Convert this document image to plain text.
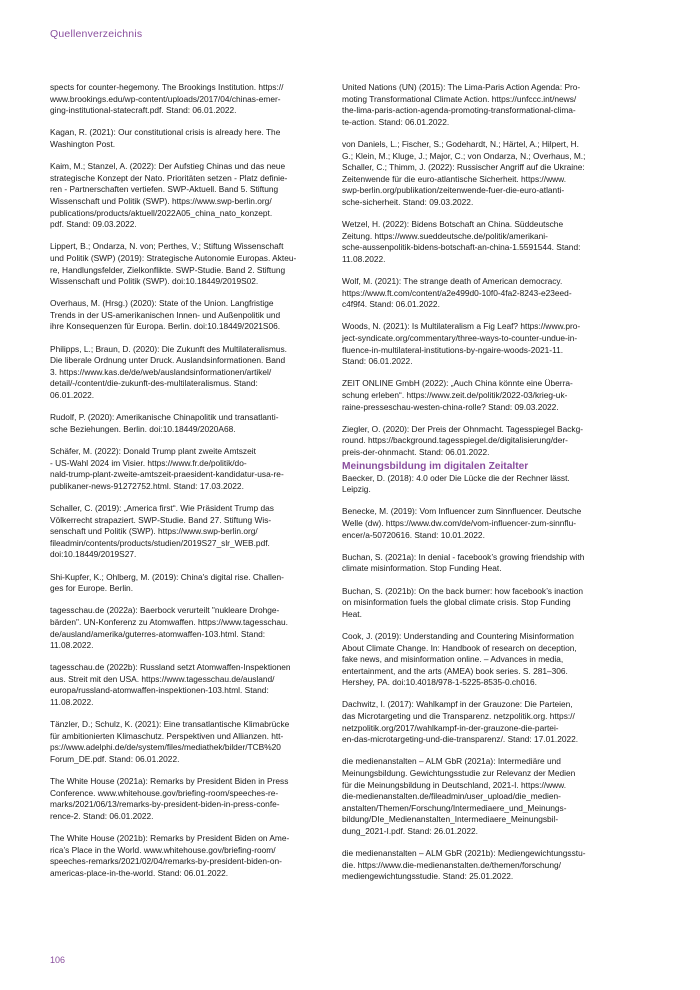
Quellenverzeichnis

spects for counter-hegemony. The Brookings Institution. https://
www.brookings.edu/wp-content/uploads/2017/04/chinas-emer-
ging-institutional-statecraft.pdf. Stand: 06.01.2022.

Kagan, R. (2021): Our constitutional crisis is already here. The
Washington Post.

Kaim, M.; Stanzel, A. (2022): Der Aufstieg Chinas und das neue
strategische Konzept der Nato. Prioritäten setzen - Platz definie-
ren - Partnerschaften vertiefen. SWP-Aktuell. Band 5. Stiftung
Wissenschaft und Politik (SWP). https://www.swp-berlin.org/
publications/products/aktuell/2022A05_china_nato_konzept.
pdf. Stand: 09.03.2022.

Lippert, B.; Ondarza, N. von; Perthes, V.; Stiftung Wissenschaft
und Politik (SWP) (2019): Strategische Autonomie Europas. Akteu-
re, Handlungsfelder, Zielkonflikte. SWP-Studie. Band 2. Stiftung
Wissenschaft und Politik (SWP). doi:10.18449/2019S02.

Overhaus, M. (Hrsg.) (2020): State of the Union. Langfristige
Trends in der US-amerikanischen Innen- und Außenpolitik und
ihre Konsequenzen für Europa. Berlin. doi:10.18449/2021S06.

Philipps, L.; Braun, D. (2020): Die Zukunft des Multilateralismus.
Die liberale Ordnung unter Druck. Auslandsinformationen. Band
3. https://www.kas.de/de/web/auslandsinformationen/artikel/
detail/-/content/die-zukunft-des-multilateralismus. Stand:
06.01.2022.

Rudolf, P. (2020): Amerikanische Chinapolitik und transatlanti-
sche Beziehungen. Berlin. doi:10.18449/2020A68.

Schäfer, M. (2022): Donald Trump plant zweite Amtszeit
- US-Wahl 2024 im Visier. https://www.fr.de/politik/do-
nald-trump-plant-zweite-amtszeit-praesident-kandidatur-usa-re-
publikaner-news-91272752.html. Stand: 17.03.2022.

Schaller, C. (2019): „America first“. Wie Präsident Trump das
Völkerrecht strapaziert. SWP-Studie. Band 27. Stiftung Wis-
senschaft und Politik (SWP). https://www.swp-berlin.org/
fileadmin/contents/products/studien/2019S27_slr_WEB.pdf.
doi:10.18449/2019S27.

Shi-Kupfer, K.; Ohlberg, M. (2019): China's digital rise. Challen-
ges for Europe. Berlin.

tagesschau.de (2022a): Baerbock verurteilt "nukleare Drohge-
bärden". UN-Konferenz zu Atomwaffen. https://www.tagesschau.
de/ausland/amerika/guterres-atomwaffen-103.html. Stand:
11.08.2022.

tagesschau.de (2022b): Russland setzt Atomwaffen-Inspektionen
aus. Streit mit den USA. https://www.tagesschau.de/ausland/
europa/russland-atomwaffen-inspektionen-103.html. Stand:
11.08.2022.

Tänzler, D.; Schulz, K. (2021): Eine transatlantische Klimabrücke
für ambitionierten Klimaschutz. Perspektiven und Allianzen. htt-
ps://www.adelphi.de/de/system/files/mediathek/bilder/TCB%20
Forum_DE.pdf. Stand: 06.01.2022.

The White House (2021a): Remarks by President Biden in Press
Conference. www.whitehouse.gov/briefing-room/speeches-re-
marks/2021/06/13/remarks-by-president-biden-in-press-confe-
rence-2. Stand: 06.01.2022.

The White House (2021b): Remarks by President Biden on Ame-
rica’s Place in the World. www.whitehouse.gov/briefing-room/
speeches-remarks/2021/02/04/remarks-by-president-biden-on-
americas-place-in-the-world. Stand: 06.01.2022.

United Nations (UN) (2015): The Lima-Paris Action Agenda: Pro-
moting Transformational Climate Action. https://unfccc.int/news/
the-lima-paris-action-agenda-promoting-transformational-clima-
te-action. Stand: 06.01.2022.

von Daniels, L.; Fischer, S.; Godehardt, N.; Härtel, A.; Hilpert, H.
G.; Klein, M.; Kluge, J.; Major, C.; von Ondarza, N.; Overhaus, M.;
Schaller, C.; Thimm, J. (2022): Russischer Angriff auf die Ukraine:
Zeitenwende für die euro-atlantische Sicherheit. https://www.
swp-berlin.org/publikation/zeitenwende-fuer-die-euro-atlanti-
sche-sicherheit. Stand: 09.03.2022.

Wetzel, H. (2022): Bidens Botschaft an China. Süddeutsche
Zeitung. https://www.sueddeutsche.de/politik/amerikani-
sche-aussenpolitik-bidens-botschaft-an-china-1.5591544. Stand:
11.08.2022.

Wolf, M. (2021): The strange death of American democracy.
https://www.ft.com/content/a2e499d0-10f0-4fa2-8243-e23eed-
c4f9f4. Stand: 06.01.2022.

Woods, N. (2021): Is Multilateralism a Fig Leaf? https://www.pro-
ject-syndicate.org/commentary/three-ways-to-counter-undue-in-
fluence-in-multilateral-institutions-by-ngaire-woods-2021-11.
Stand: 06.01.2022.

ZEIT ONLINE GmbH (2022): „Auch China könnte eine Überra-
schung erleben“. https://www.zeit.de/politik/2022-03/krieg-uk-
raine-presseschau-westen-china-rolle? Stand: 09.03.2022.

Ziegler, O. (2020): Der Preis der Ohnmacht. Tagesspiegel Backg-
round. https://background.tagesspiegel.de/digitalisierung/der-
preis-der-ohnmacht. Stand: 06.01.2022.

Meinungsbildung im digitalen Zeitalter

Baecker, D. (2018): 4.0 oder Die Lücke die der Rechner lässt.
Leipzig.

Benecke, M. (2019): Vom Influencer zum Sinnfluencer. Deutsche
Welle (dw). https://www.dw.com/de/vom-influencer-zum-sinnflu-
encer/a-50720616. Stand: 10.01.2022.

Buchan, S. (2021a): In denial - facebook’s growing friendship with
climate misinformation. Stop Funding Heat.

Buchan, S. (2021b): On the back burner: how facebook’s inaction
on misinformation fuels the global climate crisis. Stop Funding
Heat.

Cook, J. (2019): Understanding and Countering Misinformation
About Climate Change. In: Handbook of research on deception,
fake news, and misinformation online. – Advances in media,
entertainment, and the arts (AMEA) book series. S. 281–306.
Hershey, PA. doi:10.4018/978-1-5225-8535-0.ch016.

Dachwitz, I. (2017): Wahlkampf in der Grauzone: Die Parteien,
das Microtargeting und die Transparenz. netzpolitik.org. https://
netzpolitik.org/2017/wahlkampf-in-der-grauzone-die-partei-
en-das-microtargeting-und-die-transparenz/. Stand: 17.01.2022.

die medienanstalten – ALM GbR (2021a): Intermediäre und
Meinungsbildung. Gewichtungsstudie zur Relevanz der Medien
für die Meinungsbildung in Deutschland, 2021-I. https://www.
die-medienanstalten.de/fileadmin/user_upload/die_medien-
anstalten/Themen/Forschung/Intermediaere_und_Meinungs-
bildung/DIe_Medienanstalten_Intermediaere_Meinungsbil-
dung_2021-I.pdf. Stand: 26.01.2022.

die medienanstalten – ALM GbR (2021b): Mediengewichtungsstu-
die. https://www.die-medienanstalten.de/themen/forschung/
mediengewichtungsstudie. Stand: 25.01.2022.

106
